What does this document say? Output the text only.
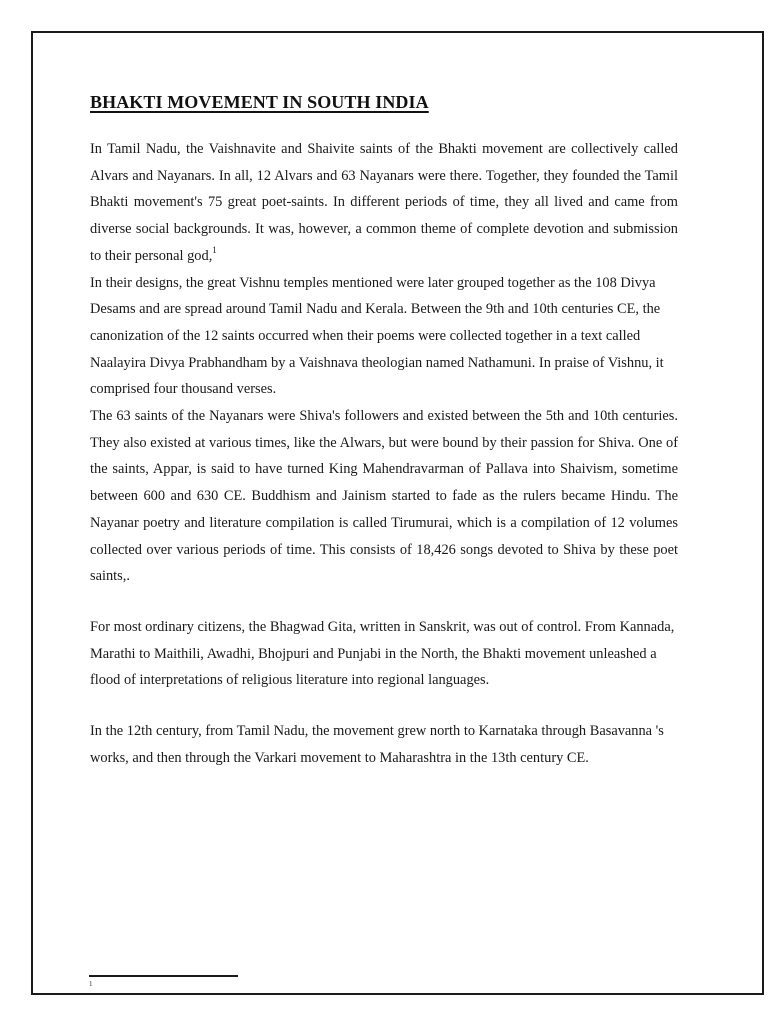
BHAKTI MOVEMENT IN SOUTH INDIA

In Tamil Nadu, the Vaishnavite and Shaivite saints of the Bhakti movement are collectively called Alvars and Nayanars. In all, 12 Alvars and 63 Nayanars were there. Together, they founded the Tamil Bhakti movement's 75 great poet-saints. In different periods of time, they all lived and came from diverse social backgrounds. It was, however, a common theme of complete devotion and submission to their personal god,$^1$

In their designs, the great Vishnu temples mentioned were later grouped together as the 108 Divya Desams and are spread around Tamil Nadu and Kerala. Between the 9th and 10th centuries CE, the canonization of the 12 saints occurred when their poems were collected together in a text called Naalayira Divya Prabhandham by a Vaishnava theologian named Nathamuni. In praise of Vishnu, it comprised four thousand verses.

The 63 saints of the Nayanars were Shiva's followers and existed between the 5th and 10th centuries. They also existed at various times, like the Alwars, but were bound by their passion for Shiva. One of the saints, Appar, is said to have turned King Mahendravarman of Pallava into Shaivism, sometime between 600 and 630 CE. Buddhism and Jainism started to fade as the rulers became Hindu. The Nayanar poetry and literature compilation is called Tirumurai, which is a compilation of 12 volumes collected over various periods of time. This consists of 18,426 songs devoted to Shiva by these poet saints,.

For most ordinary citizens, the Bhagwad Gita, written in Sanskrit, was out of control. From Kannada, Marathi to Maithili, Awadhi, Bhojpuri and Punjabi in the North, the Bhakti movement unleashed a flood of interpretations of religious literature into regional languages.

In the 12th century, from Tamil Nadu, the movement grew north to Karnataka through Basavanna 's works, and then through the Varkari movement to Maharashtra in the 13th century CE.

1
